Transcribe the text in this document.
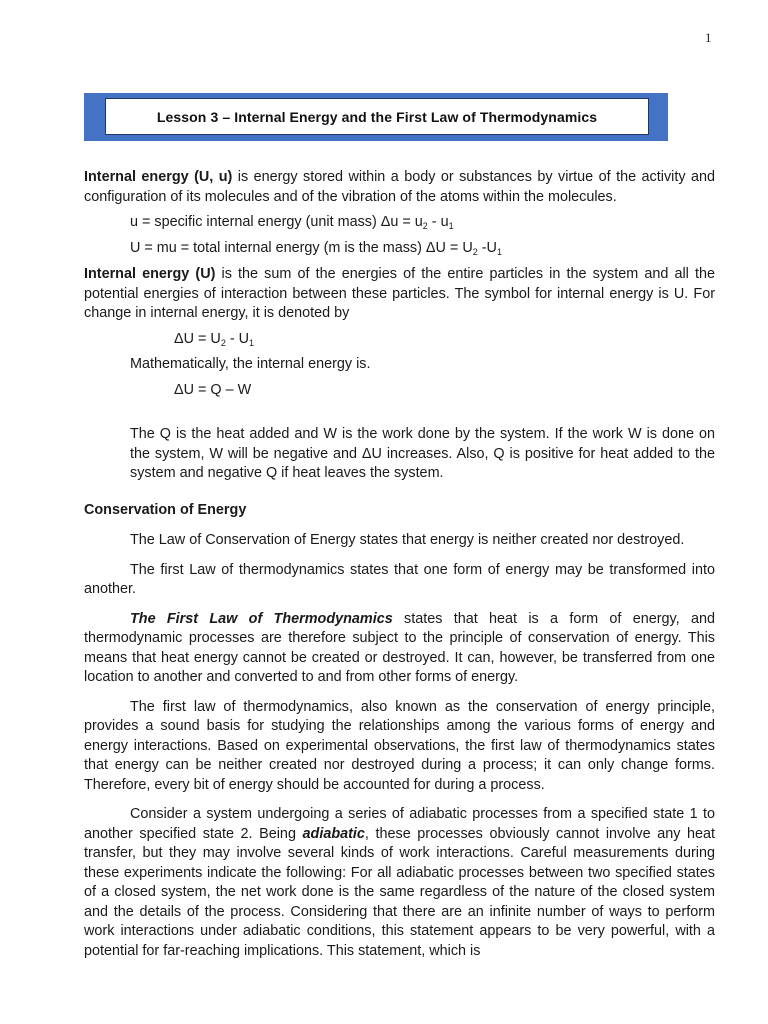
1
Lesson 3 – Internal Energy and the First Law of Thermodynamics

Internal energy (U, u) is energy stored within a body or substances by virtue of the activity and configuration of its molecules and of the vibration of the atoms within the molecules.

u = specific internal energy (unit mass) $\Delta u = u_2 - u_1$

U = mu = total internal energy (m is the mass) $\Delta U = U_2$ $-U_1$

Internal energy (U) is the sum of the energies of the entire particles in the system and all the potential energies of interaction between these particles. The symbol for internal energy is U. For change in internal energy, it is denoted by

$\Delta U = U_2 - U_1$

Mathematically, the internal energy is.

ΔU = Q – W

The Q is the heat added and W is the work done by the system. If the work W is done on the system, W will be negative and ΔU increases. Also, Q is positive for heat added to the system and negative Q if heat leaves the system.

Conservation of Energy

The Law of Conservation of Energy states that energy is neither created nor destroyed.

The first Law of thermodynamics states that one form of energy may be transformed into another.

The First Law of Thermodynamics states that heat is a form of energy, and thermodynamic processes are therefore subject to the principle of conservation of energy. This means that heat energy cannot be created or destroyed. It can, however, be transferred from one location to another and converted to and from other forms of energy.

The first law of thermodynamics, also known as the conservation of energy principle, provides a sound basis for studying the relationships among the various forms of energy and energy interactions. Based on experimental observations, the first law of thermodynamics states that energy can be neither created nor destroyed during a process; it can only change forms. Therefore, every bit of energy should be accounted for during a process.

Consider a system undergoing a series of adiabatic processes from a specified state 1 to another specified state 2. Being adiabatic, these processes obviously cannot involve any heat transfer, but they may involve several kinds of work interactions. Careful measurements during these experiments indicate the following: For all adiabatic processes between two specified states of a closed system, the net work done is the same regardless of the nature of the closed system and the details of the process. Considering that there are an infinite number of ways to perform work interactions under adiabatic conditions, this statement appears to be very powerful, with a potential for far-reaching implications. This statement, which is
